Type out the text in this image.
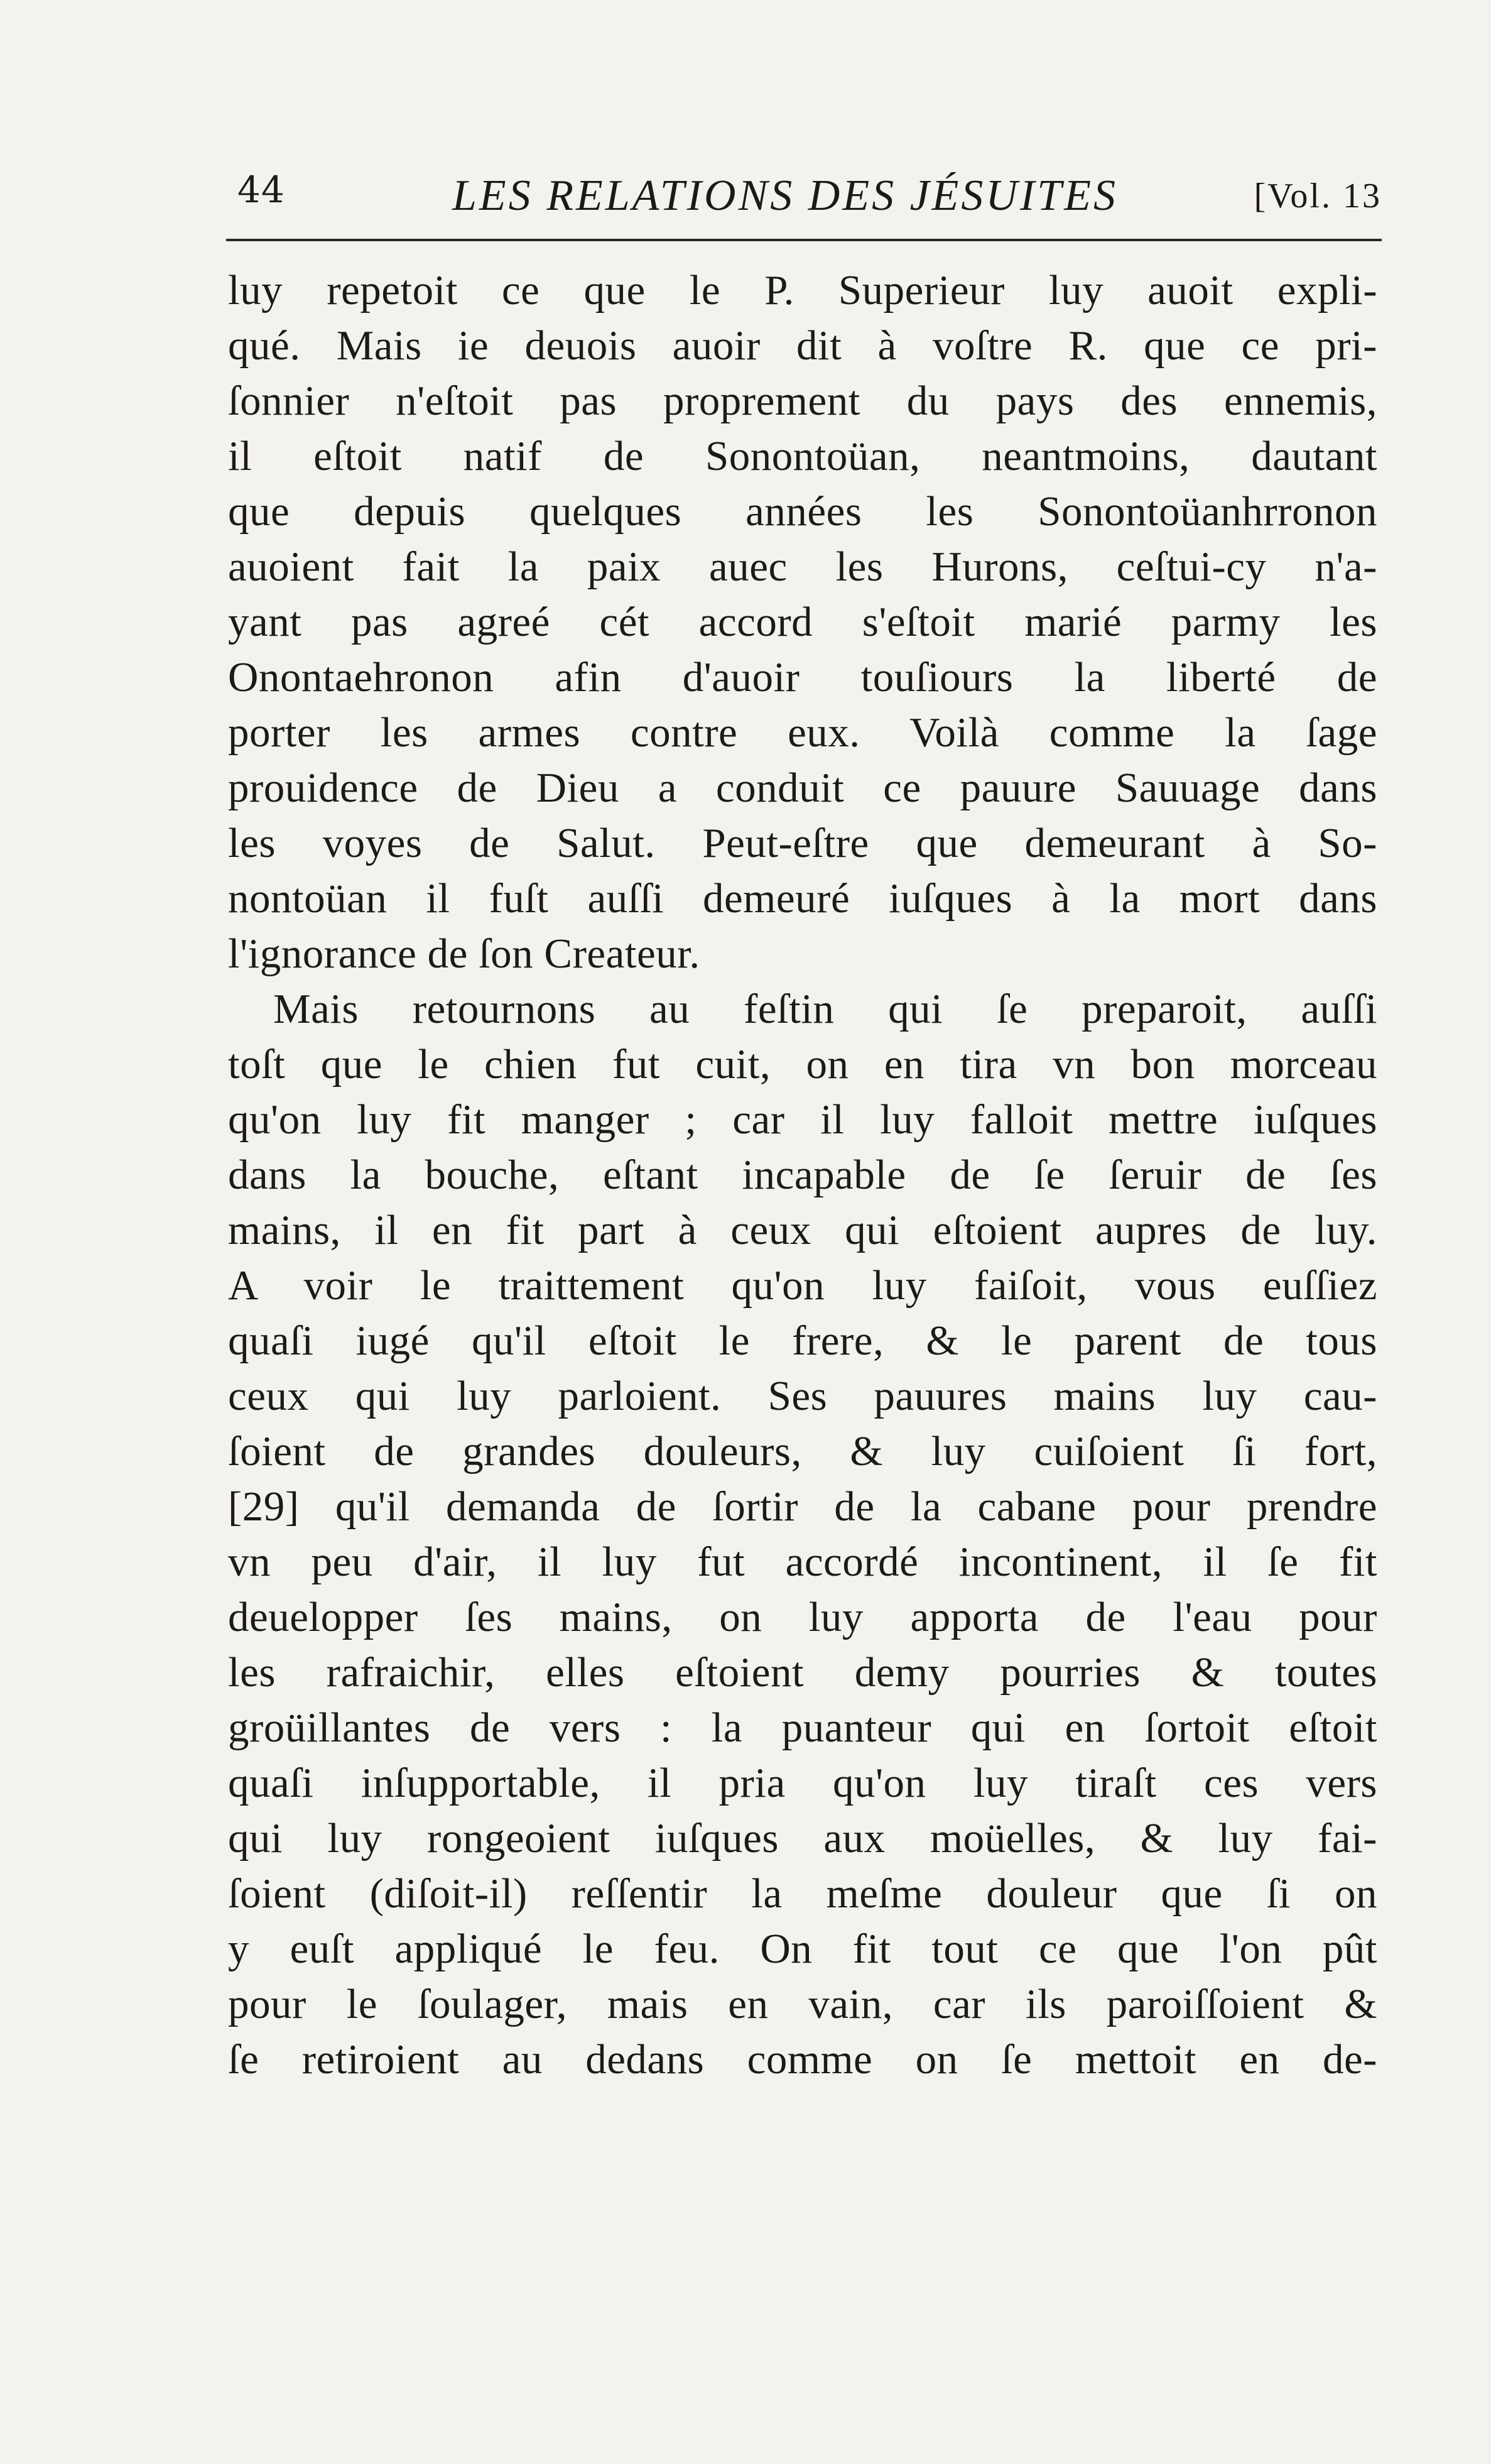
44	LES RELATIONS DES JÉSUITES	[Vol. 13
luy repetoit ce que le P. Superieur luy auoit expli-
qué. Mais ie deuois auoir dit à voſtre R. que ce pri-
ſonnier n'eſtoit pas proprement du pays des ennemis,
il eſtoit natif de Sonontoüan, neantmoins, dautant
que depuis quelques années les Sonontoüanhrronon
auoient fait la paix auec les Hurons, ceſtui-cy n'a-
yant pas agreé cét accord s'eſtoit marié parmy les
Onontaehronon afin d'auoir touſiours la liberté de
porter les armes contre eux. Voilà comme la ſage
prouidence de Dieu a conduit ce pauure Sauuage dans
les voyes de Salut. Peut-eſtre que demeurant à So-
nontoüan il fuſt auſſi demeuré iuſques à la mort dans
l'ignorance de ſon Createur.
Mais retournons au feſtin qui ſe preparoit, auſſi
toſt que le chien fut cuit, on en tira vn bon morceau
qu'on luy fit manger ; car il luy falloit mettre iuſques
dans la bouche, eſtant incapable de ſe ſeruir de ſes
mains, il en fit part à ceux qui eſtoient aupres de luy.
A voir le traittement qu'on luy faiſoit, vous euſſiez
quaſi iugé qu'il eſtoit le frere, & le parent de tous
ceux qui luy parloient. Ses pauures mains luy cau-
ſoient de grandes douleurs, & luy cuiſoient ſi fort,
[29] qu'il demanda de ſortir de la cabane pour prendre
vn peu d'air, il luy fut accordé incontinent, il ſe fit
deuelopper ſes mains, on luy apporta de l'eau pour
les rafraichir, elles eſtoient demy pourries & toutes
groüillantes de vers : la puanteur qui en ſortoit eſtoit
quaſi inſupportable, il pria qu'on luy tiraſt ces vers
qui luy rongeoient iuſques aux moüelles, & luy fai-
ſoient (diſoit-il) reſſentir la meſme douleur que ſi on
y euſt appliqué le feu. On fit tout ce que l'on pût
pour le ſoulager, mais en vain, car ils paroiſſoient &
ſe retiroient au dedans comme on ſe mettoit en de-
